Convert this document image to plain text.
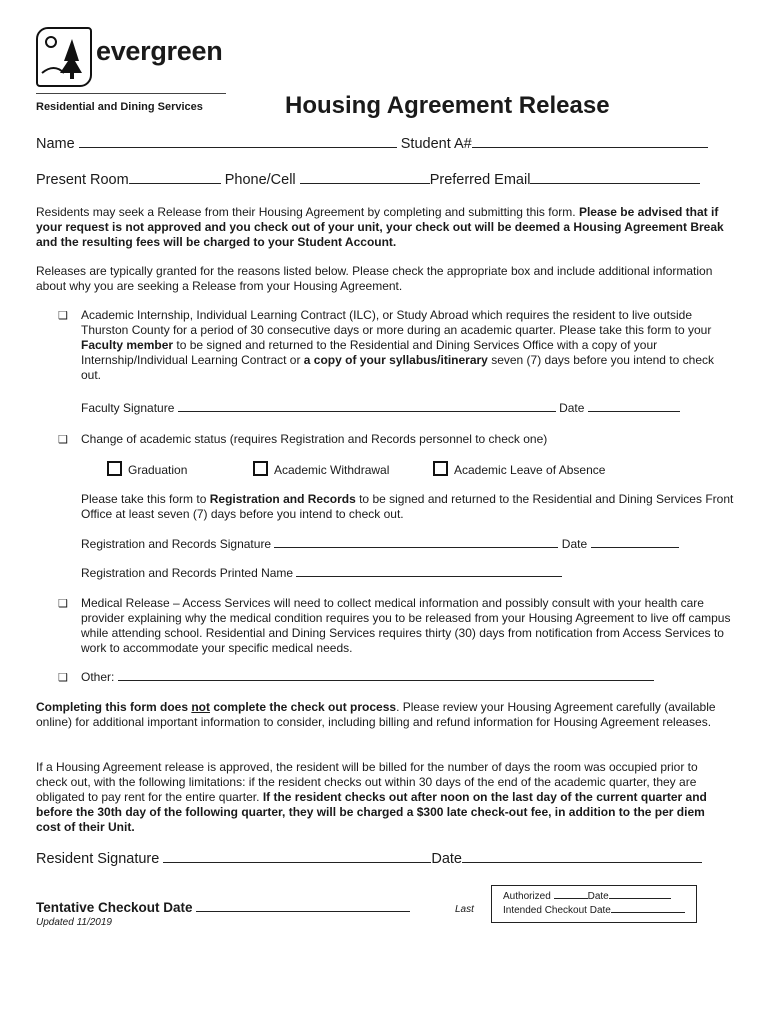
evergreen
Residential and Dining Services	Housing Agreement Release
Name	Student A#
Present Room	Phone/Cell	Preferred Email
Residents may seek a Release from their Housing Agreement by completing and submitting this form. Please be advised that if your request is not approved and you check out of your unit, your check out will be deemed a Housing Agreement Break and the resulting fees will be charged to your Student Account.
Releases are typically granted for the reasons listed below. Please check the appropriate box and include additional information about why you are seeking a Release from your Housing Agreement.
❑ Academic Internship, Individual Learning Contract (ILC), or Study Abroad which requires the resident to live outside Thurston County for a period of 30 consecutive days or more during an academic quarter. Please take this form to your Faculty member to be signed and returned to the Residential and Dining Services Office with a copy of your Internship/Individual Learning Contract or a copy of your syllabus/itinerary seven (7) days before you intend to check out.
Faculty Signature	Date
❑ Change of academic status (requires Registration and Records personnel to check one)
Graduation	Academic Withdrawal	Academic Leave of Absence
Please take this form to Registration and Records to be signed and returned to the Residential and Dining Services Front Office at least seven (7) days before you intend to check out.
Registration and Records Signature	Date
Registration and Records Printed Name
❑ Medical Release – Access Services will need to collect medical information and possibly consult with your health care provider explaining why the medical condition requires you to be released from your Housing Agreement to live off campus while attending school. Residential and Dining Services requires thirty (30) days from notification from Access Services to work to accommodate your specific medical needs.
❑ Other:
Completing this form does not complete the check out process. Please review your Housing Agreement carefully (available online) for additional important information to consider, including billing and refund information for Housing Agreement releases.
If a Housing Agreement release is approved, the resident will be billed for the number of days the room was occupied prior to check out, with the following limitations: if the resident checks out within 30 days of the end of the academic quarter, they are obligated to pay rent for the entire quarter. If the resident checks out after noon on the last day of the current quarter and before the 30th day of the following quarter, they will be charged a $300 late check-out fee, in addition to the per diem cost of their Unit.
Resident Signature	Date
Tentative Checkout Date
Updated 11/2019
Last
Authorized	Date
Intended Checkout Date
